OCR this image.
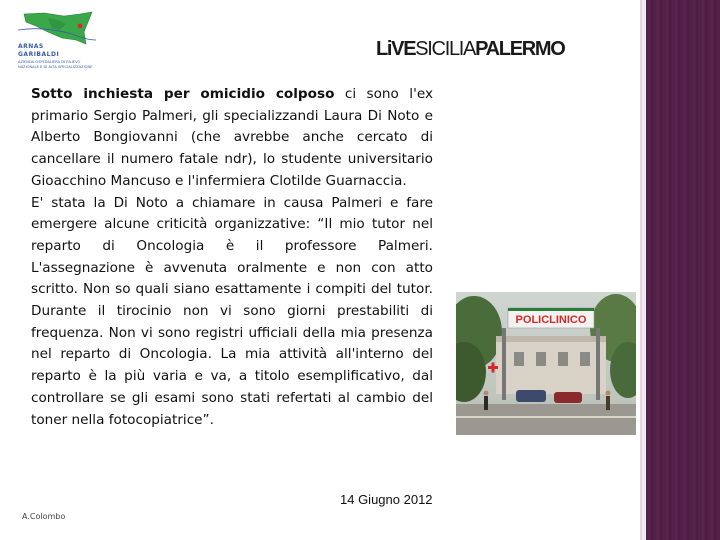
ARNAS
GARIBALDI
AZIENDA OSPEDALIERA DI RILIEVO NAZIONALE E DI ALTA SPECIALIZZAZIONE
LiVESICILIAPALERMO
Sotto inchiesta per omicidio colposo ci sono l'ex primario Sergio Palmeri, gli specializzandi Laura Di Noto e Alberto Bongiovanni (che avrebbe anche cercato di cancellare il numero fatale ndr), lo studente universitario Gioacchino Mancuso e l'infermiera Clotilde Guarnaccia.
E' stata la Di Noto a chiamare in causa Palmeri e fare emergere alcune criticità organizzative: “Il mio tutor nel reparto di Oncologia è il professore Palmeri. L'assegnazione è avvenuta oralmente e non con atto scritto. Non so quali siano esattamente i compiti del tutor. Durante il tirocinio non vi sono giorni prestabiliti di frequenza. Non vi sono registri ufficiali della mia presenza nel reparto di Oncologia. La mia attività all'interno del reparto è la più varia e va, a titolo esemplificativo, dal controllare se gli esami sono stati refertati al cambio del toner nella fotocopiatrice”.
POLICLINICO
14 Giugno 2012
A.Colombo
